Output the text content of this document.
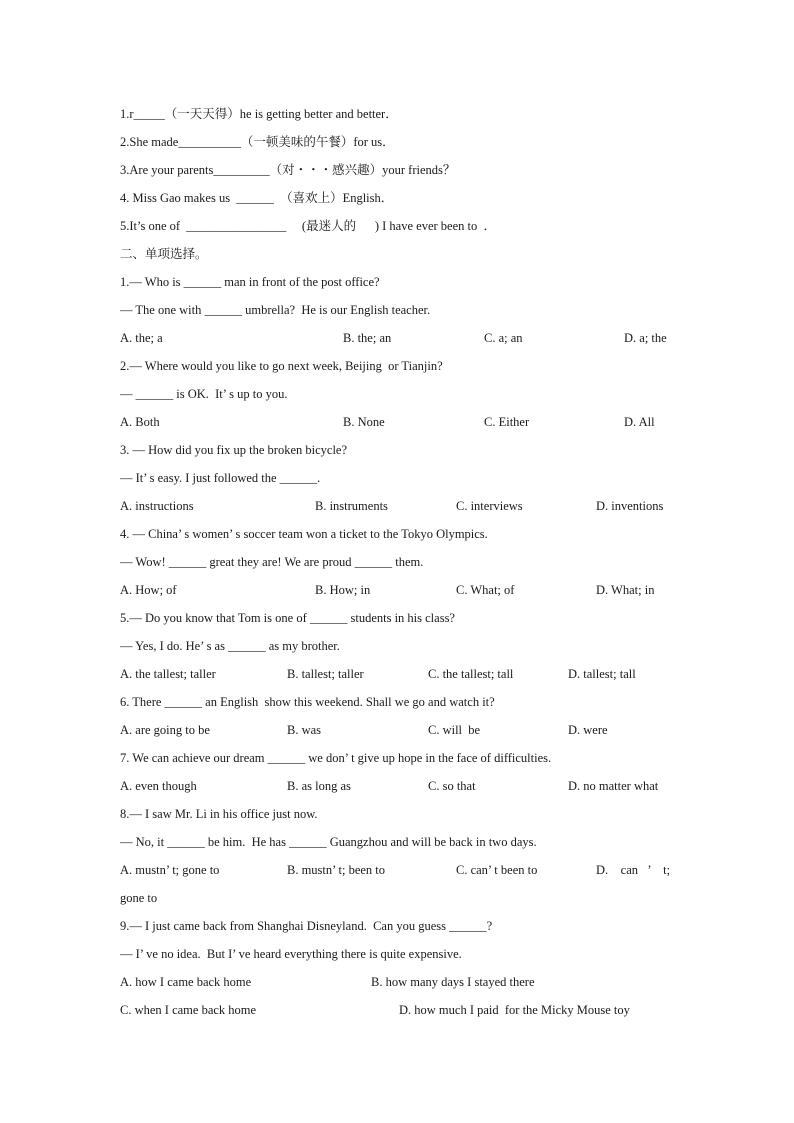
1.r_____（一天天得）he is getting better and better．
2.She made__________（一顿美味的午餐）for us．
3.Are your parents_________（对・・・感兴趣）your friends？
4. Miss Gao makes us  ______  （喜欢上）English．
5.It’s one of  ________________     (最迷人的      ) I have ever been to  ．
二、单项选择。
1.— Who is ______ man in front of the post office?
— The one with ______ umbrella?  He is our English teacher.
A. the; a	B. the; an	C. a; an	D. a; the
2.— Where would you like to go next week, Beijing  or Tianjin?
— ______ is OK.  It’ s up to you.
A. Both	B. None	C. Either	D. All
3. — How did you fix up the broken bicycle?
— It’ s easy. I just followed the ______.
A. instructions	B. instruments	C. interviews	D. inventions
4. — China’ s women’ s soccer team won a ticket to the Tokyo Olympics.
— Wow! ______ great they are! We are proud ______ them.
A. How; of	B. How; in	C. What; of	D. What; in
5.— Do you know that Tom is one of ______ students in his class?
— Yes, I do. He’ s as ______ as my brother.
A. the tallest; taller	B. tallest; taller	C. the tallest; tall	D. tallest; tall
6. There ______ an English  show this weekend. Shall we go and watch it?
A. are going to be	B. was	C. will  be	D. were
7. We can achieve our dream ______ we don’ t give up hope in the face of difficulties.
A. even though	B. as long as	C. so that	D. no matter what
8.— I saw Mr. Li in his office just now.
— No, it ______ be him.  He has ______ Guangzhou and will be back in two days.
A. mustn’ t; gone to	B. mustn’ t; been to	C. can’ t been to	D.    can   ’    t;
gone to
9.— I just came back from Shanghai Disneyland.  Can you guess ______?
— I’ ve no idea.  But I’ ve heard everything there is quite expensive.
A. how I came back home	B. how many days I stayed there
C. when I came back home	D. how much I paid  for the Micky Mouse toy
